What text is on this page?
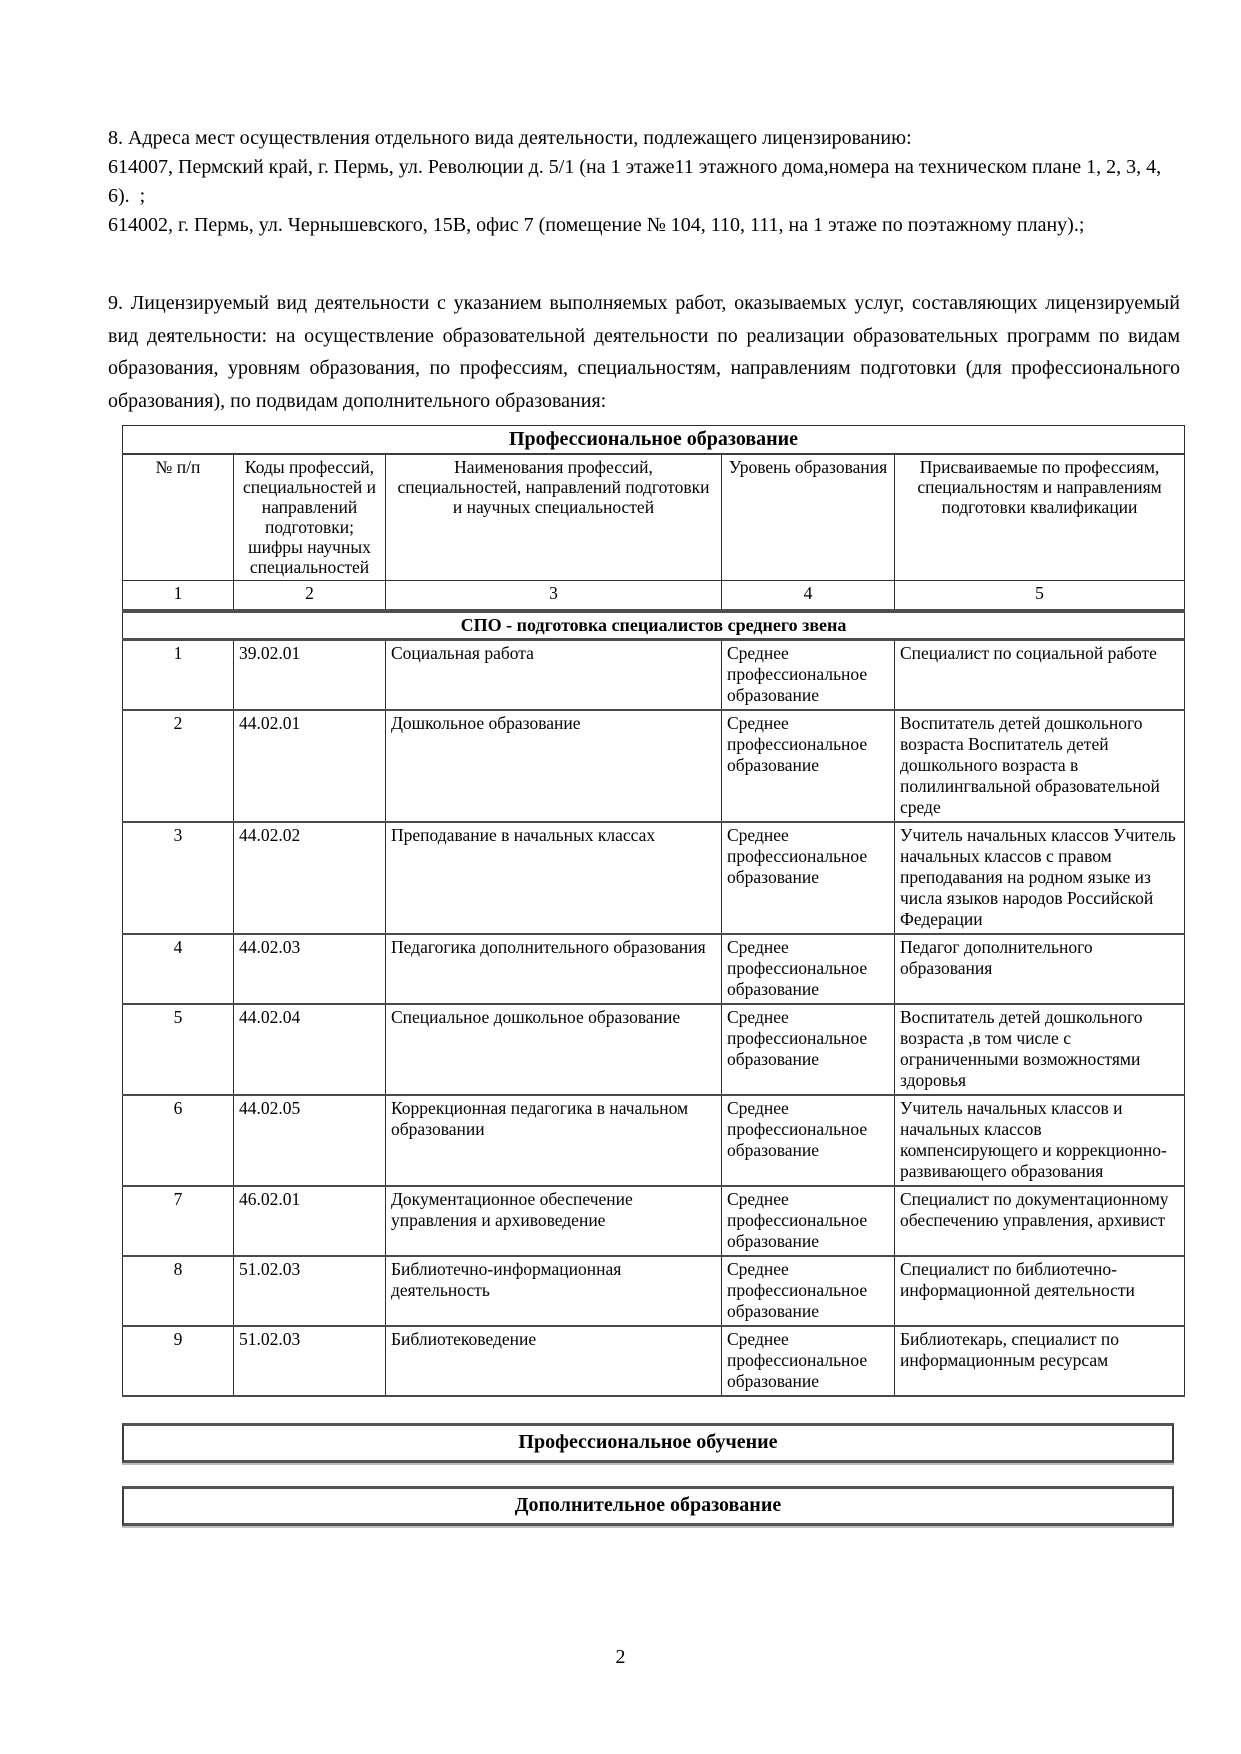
8. Адреса мест осуществления отдельного вида деятельности, подлежащего лицензированию:
614007, Пермский край, г. Пермь, ул. Революции д. 5/1 (на 1 этаже11 этажного дома,номера на техническом плане 1, 2, 3, 4, 6).  ;
614002, г. Пермь, ул. Чернышевского, 15В, офис 7 (помещение № 104, 110, 111, на 1 этаже по поэтажному плану).;
9. Лицензируемый вид деятельности с указанием выполняемых работ, оказываемых услуг, составляющих лицензируемый вид деятельности: на осуществление образовательной деятельности по реализации образовательных программ по видам образования, уровням образования, по профессиям, специальностям, направлениям подготовки (для профессионального образования), по подвидам дополнительного образования:
Профессиональное образование				
№ п/п	Коды профессий, специальностей и направлений подготовки; шифры научных специальностей	Наименования профессий, специальностей, направлений подготовки и научных специальностей	Уровень образования	Присваиваемые по профессиям, специальностям и направлениям подготовки квалификации
1	2	3	4	5
СПО - подготовка специалистов среднего звена				
1	39.02.01	Социальная работа	Среднее профессиональное образование	Специалист по социальной работе
2	44.02.01	Дошкольное образование	Среднее профессиональное образование	Воспитатель детей дошкольного возраста Воспитатель детей дошкольного возраста в полилингвальной образовательной среде
3	44.02.02	Преподавание в начальных классах	Среднее профессиональное образование	Учитель начальных классов Учитель начальных классов с правом преподавания на родном языке из числа языков народов Российской Федерации
4	44.02.03	Педагогика дополнительного образования	Среднее профессиональное образование	Педагог дополнительного образования
5	44.02.04	Специальное дошкольное образование	Среднее профессиональное образование	Воспитатель детей дошкольного возраста ,в том числе с ограниченными возможностями здоровья
6	44.02.05	Коррекционная педагогика в начальном образовании	Среднее профессиональное образование	Учитель начальных классов и начальных классов компенсирующего и коррекционно-развивающего образования
7	46.02.01	Документационное обеспечение управления и архивоведение	Среднее профессиональное образование	Специалист по документационному обеспечению управления, архивист
8	51.02.03	Библиотечно-информационная деятельность	Среднее профессиональное образование	Специалист по библиотечно-информационной деятельности
9	51.02.03	Библиотековедение	Среднее профессиональное образование	Библиотекарь, специалист по информационным ресурсам
Профессиональное обучение
Дополнительное образование
2
